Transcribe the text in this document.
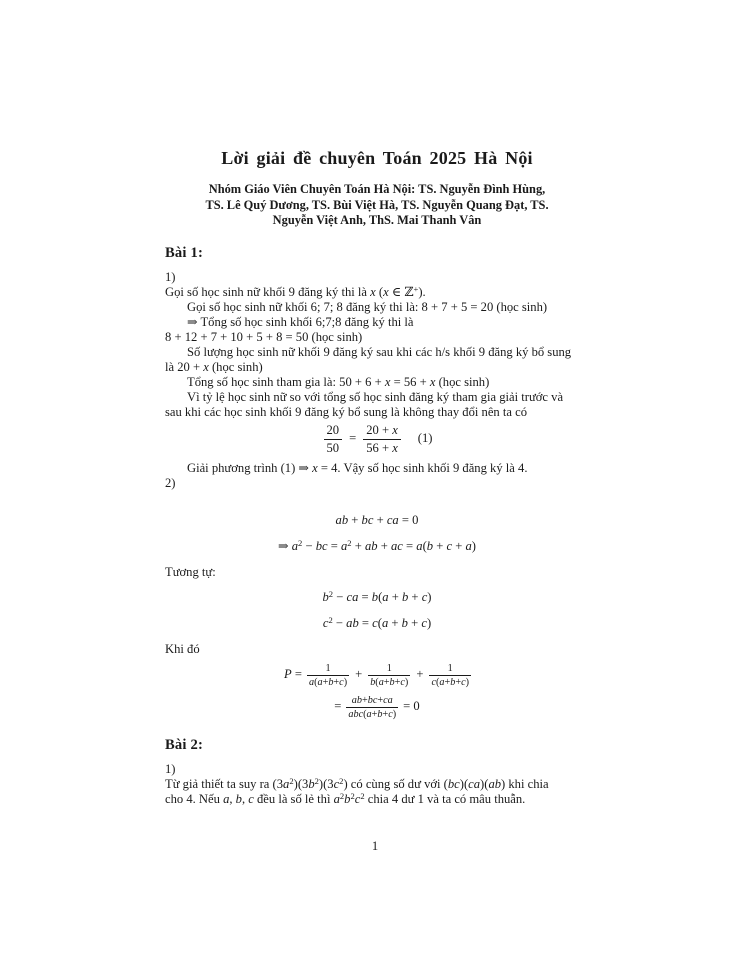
Lời giải đề chuyên Toán 2025 Hà Nội
Nhóm Giáo Viên Chuyên Toán Hà Nội: TS. Nguyễn Đình Hùng,
TS. Lê Quý Dương, TS. Bùi Việt Hà, TS. Nguyễn Quang Đạt, TS.
Nguyễn Việt Anh, ThS. Mai Thanh Vân
Bài 1:
1)
Gọi số học sinh nữ khối 9 đăng ký thi là x (x ∈ ℤ+).
Gọi số học sinh nữ khối 6; 7; 8 đăng ký thi là: 8 + 7 + 5 = 20 (học sinh)
⇒ Tổng số học sinh khối 6;7;8 đăng ký thi là
8 + 12 + 7 + 10 + 5 + 8 = 50 (học sinh)
Số lượng học sinh nữ khối 9 đăng ký sau khi các h/s khối 9 đăng ký bổ sung
là 20 + x (học sinh)
Tổng số học sinh tham gia là: 50 + 6 + x = 56 + x (học sinh)
Vì tỷ lệ học sinh nữ so với tổng số học sinh đăng ký tham gia giải trước và
sau khi các học sinh khối 9 đăng ký bổ sung là không thay đổi nên ta có
$\frac{20}{50} = \frac{20 + x}{56 + x} (1)$
Giải phương trình (1) ⇒ x = 4. Vậy số học sinh khối 9 đăng ký là 4.
2)
ab + bc + ca = 0
⇒ $a^2$ − bc = $a^2$ + ab + ac = a(b + c + a)
Tương tự:
$b^2$ − ca = b(a + b + c)
$c^2$ − ab = c(a + b + c)
Khi đó
$P = \frac{1}{a(a+b+c)} + \frac{1}{b(a+b+c)} + \frac{1}{c(a+b+c)}$
= $\frac{ab+bc+ca}{\text{abc(a+b+c)}} = 0$
Bài 2:
1)
Từ giả thiết ta suy ra $(3a^2)(3b^2)(3c^2)$ có cùng số dư với (bc)(ca)(ab) khi chia
cho 4. Nếu a, b, c đều là số lẻ thì $a^2b^2c^2$ chia 4 dư 1 và ta có mâu thuẫn.
1
